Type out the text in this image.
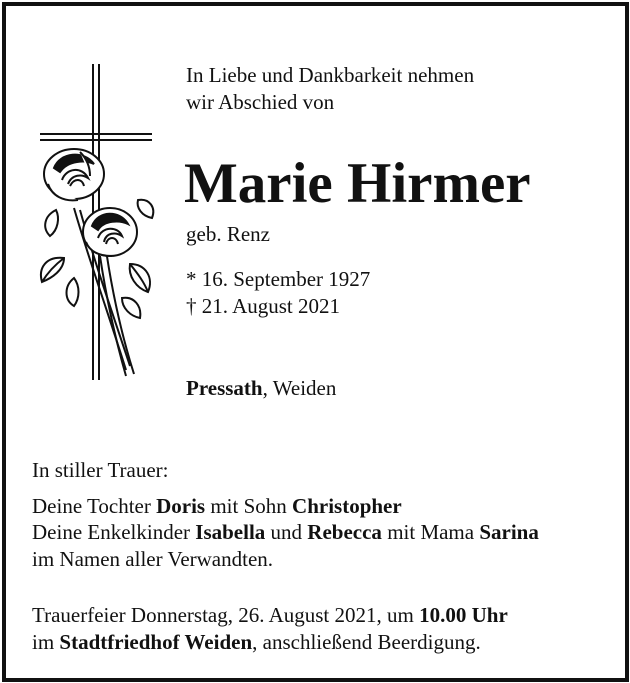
In Liebe und Dankbarkeit nehmen
wir Abschied von
Marie Hirmer
geb. Renz
* 16. September 1927
† 21. August 2021
Pressath, Weiden
In stiller Trauer:
Deine Tochter Doris mit Sohn Christopher
Deine Enkelkinder Isabella und Rebecca mit Mama Sarina
im Namen aller Verwandten.
Trauerfeier Donnerstag, 26. August 2021, um 10.00 Uhr
im Stadtfriedhof Weiden, anschließend Beerdigung.
